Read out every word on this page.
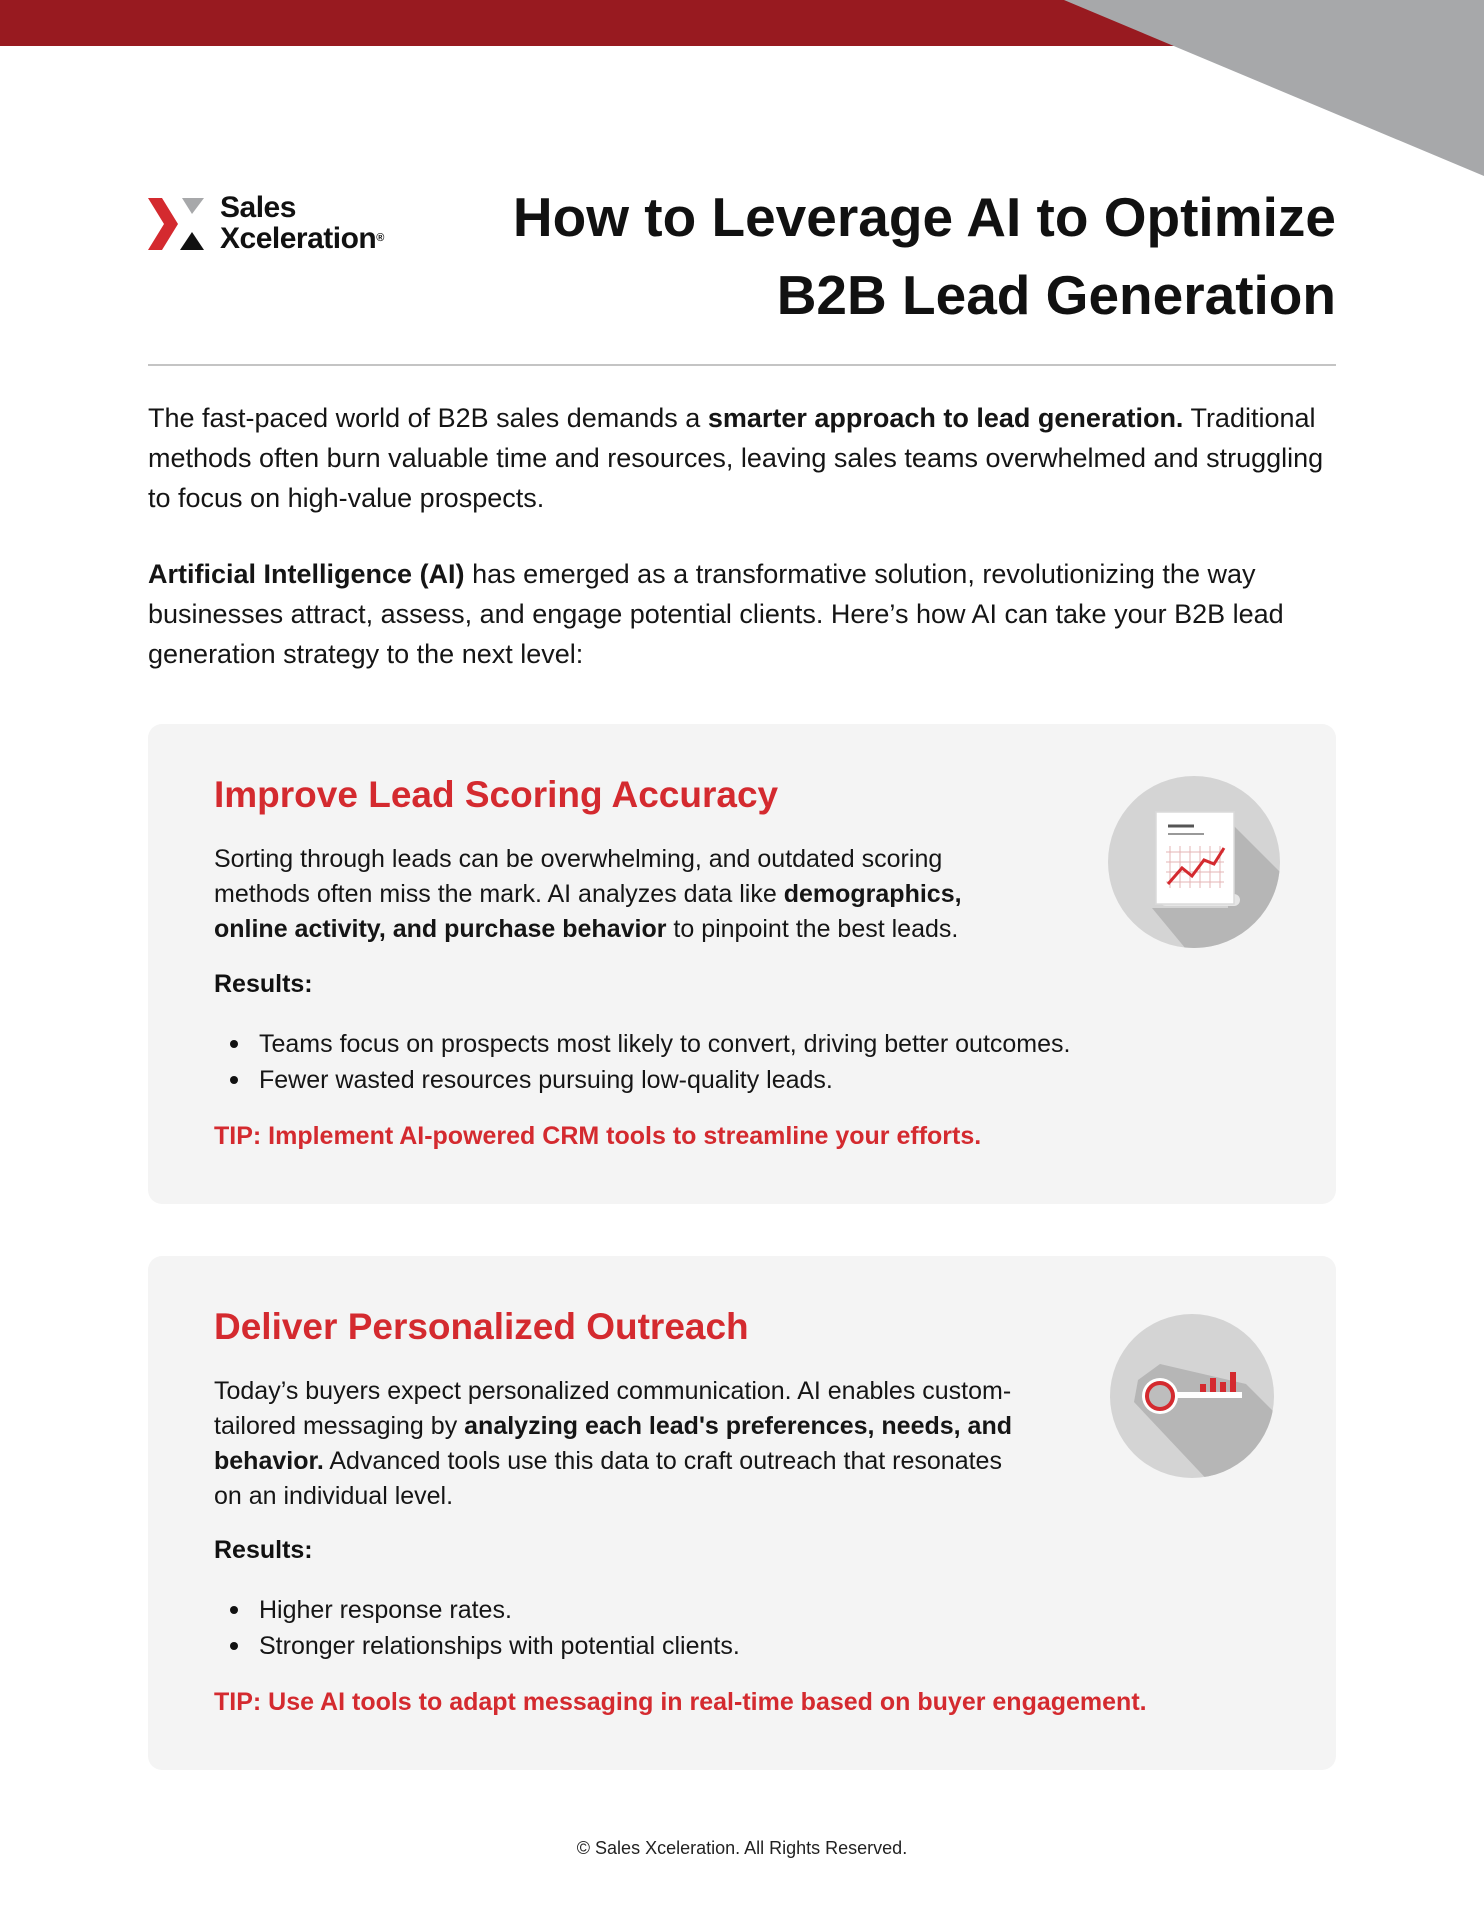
Sales
Xceleration®	How to Leverage AI to Optimize
B2B Lead Generation

The fast-paced world of B2B sales demands a smarter approach to lead generation. Traditional methods often burn valuable time and resources, leaving sales teams overwhelmed and struggling to focus on high-value prospects.

Artificial Intelligence (AI) has emerged as a transformative solution, revolutionizing the way businesses attract, assess, and engage potential clients. Here’s how AI can take your B2B lead generation strategy to the next level:

Improve Lead Scoring Accuracy

Sorting through leads can be overwhelming, and outdated scoring methods often miss the mark. AI analyzes data like demographics, online activity, and purchase behavior to pinpoint the best leads.

Results:
Teams focus on prospects most likely to convert, driving better outcomes.
Fewer wasted resources pursuing low-quality leads.
TIP: Implement AI-powered CRM tools to streamline your efforts.
Deliver Personalized Outreach

Today’s buyers expect personalized communication. AI enables custom-tailored messaging by analyzing each lead's preferences, needs, and behavior. Advanced tools use this data to craft outreach that resonates on an individual level.

Results:
Higher response rates.
Stronger relationships with potential clients.
TIP: Use AI tools to adapt messaging in real-time based on buyer engagement.
© Sales Xceleration. All Rights Reserved.
